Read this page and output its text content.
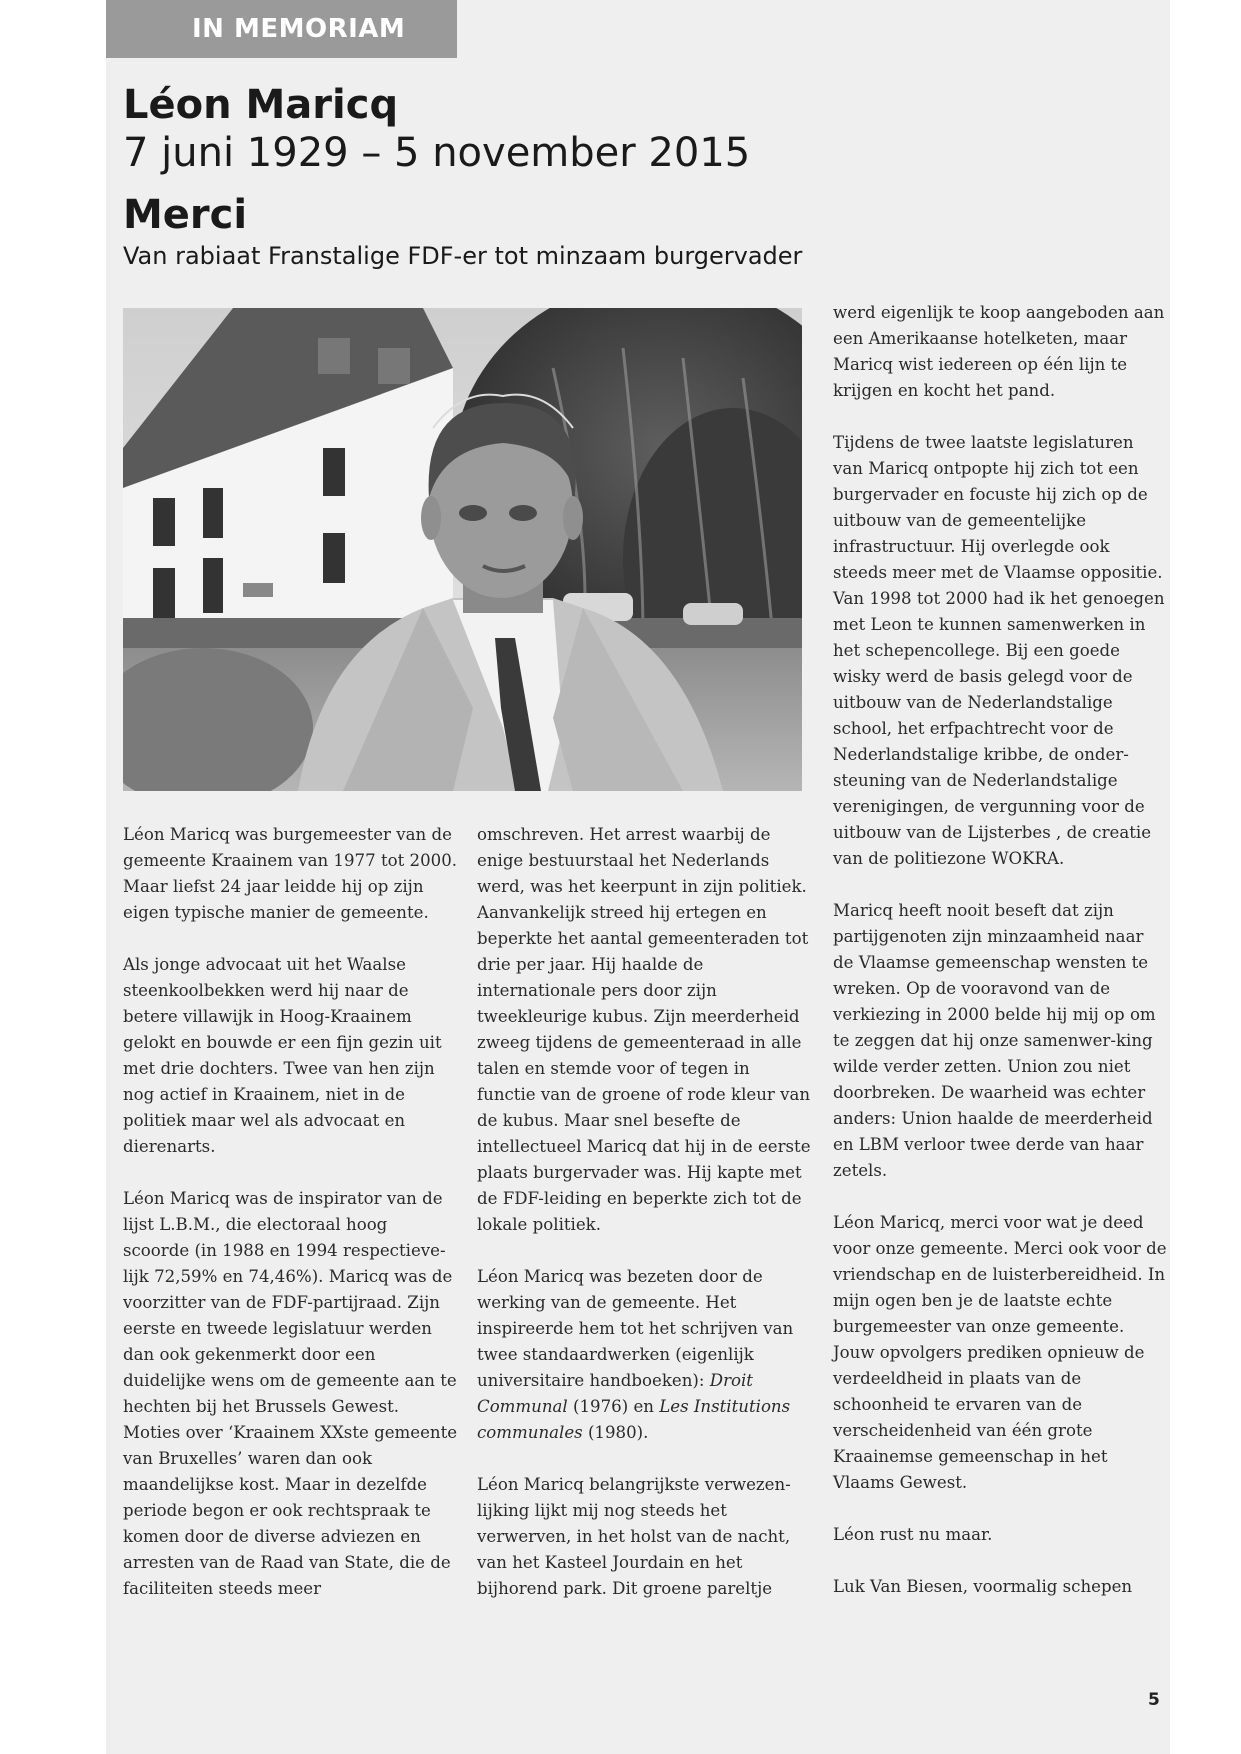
IN MEMORIAM
Léon Maricq
7 juni 1929 – 5 november 2015
Merci
Van rabiaat Franstalige FDF-er tot minzaam burgervader

Léon Maricq was burgemeester van de gemeente Kraainem van 1977 tot 2000. Maar liefst 24 jaar leidde hij op zijn eigen typische manier de gemeente.

Als jonge advocaat uit het Waalse steenkoolbekken werd hij naar de betere villawijk in Hoog-Kraainem gelokt en bouwde er een fijn gezin uit met drie dochters. Twee van hen zijn nog actief in Kraainem, niet in de politiek maar wel als advocaat en dierenarts.

Léon Maricq was de inspirator van de lijst L.B.M., die electoraal hoog scoorde (in 1988 en 1994 respectieve-lijk 72,59% en 74,46%). Maricq was de voorzitter van de FDF-partijraad. Zijn eerste en tweede legislatuur werden dan ook gekenmerkt door een duidelijke wens om de gemeente aan te hechten bij het Brussels Gewest. Moties over ‘Kraainem XXste gemeente van Bruxelles’ waren dan ook maandelijkse kost. Maar in dezelfde periode begon er ook rechtspraak te komen door de diverse adviezen en arresten van de Raad van State, die de faciliteiten steeds meer

omschreven. Het arrest waarbij de enige bestuurstaal het Nederlands werd, was het keerpunt in zijn politiek. Aanvankelijk streed hij ertegen en beperkte het aantal gemeenteraden tot drie per jaar. Hij haalde de internationale pers door zijn tweekleurige kubus. Zijn meerderheid zweeg tijdens de gemeenteraad in alle talen en stemde voor of tegen in functie van de groene of rode kleur van de kubus. Maar snel besefte de intellectueel Maricq dat hij in de eerste plaats burgervader was. Hij kapte met de FDF-leiding en beperkte zich tot de lokale politiek.

Léon Maricq was bezeten door de werking van de gemeente. Het inspireerde hem tot het schrijven van twee standaardwerken (eigenlijk universitaire handboeken): Droit Communal (1976) en Les Institutions communales (1980).

Léon Maricq belangrijkste verwezen-lijking lijkt mij nog steeds het verwerven, in het holst van de nacht, van het Kasteel Jourdain en het bijhorend park. Dit groene pareltje

werd eigenlijk te koop aangeboden aan een Amerikaanse hotelketen, maar Maricq wist iedereen op één lijn te krijgen en kocht het pand.

Tijdens de twee laatste legislaturen van Maricq ontpopte hij zich tot een burgervader en focuste hij zich op de uitbouw van de gemeentelijke infrastructuur. Hij overlegde ook steeds meer met de Vlaamse oppositie. Van 1998 tot 2000 had ik het genoegen met Leon te kunnen samenwerken in het schepencollege. Bij een goede wisky werd de basis gelegd voor de uitbouw van de Nederlandstalige school, het erfpachtrecht voor de Nederlandstalige kribbe, de onder-steuning van de Nederlandstalige verenigingen, de vergunning voor de uitbouw van de Lijsterbes , de creatie van de politiezone WOKRA.

Maricq heeft nooit beseft dat zijn partijgenoten zijn minzaamheid naar de Vlaamse gemeenschap wensten te wreken. Op de vooravond van de verkiezing in 2000 belde hij mij op om te zeggen dat hij onze samenwer-king wilde verder zetten. Union zou niet doorbreken. De waarheid was echter anders: Union haalde de meerderheid en LBM verloor twee derde van haar zetels.

Léon Maricq, merci voor wat je deed voor onze gemeente. Merci ook voor de vriendschap en de luisterbereidheid. In mijn ogen ben je de laatste echte burgemeester van onze gemeente. Jouw opvolgers prediken opnieuw de verdeeldheid in plaats van de schoonheid te ervaren van de verscheidenheid van één grote Kraainemse gemeenschap in het Vlaams Gewest.

Léon rust nu maar.

Luk Van Biesen, voormalig schepen

5
